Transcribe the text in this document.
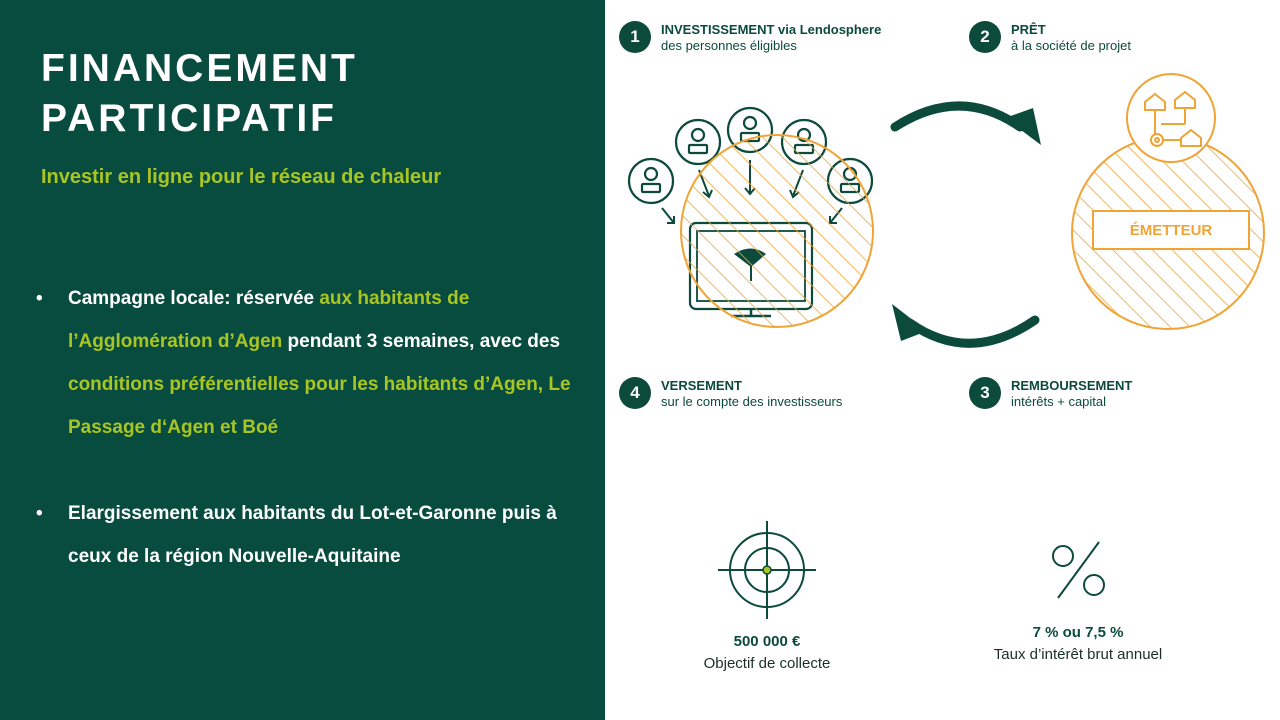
FINANCEMENT
PARTICIPATIF
Investir en ligne pour le réseau de chaleur
• Campagne locale: réservée aux habitants de l’Agglomération d’Agen pendant 3 semaines, avec des conditions préférentielles pour les habitants d’Agen, Le Passage d‘Agen et Boé
• Elargissement aux habitants du Lot-et-Garonne puis à ceux de la région Nouvelle-Aquitaine
ÉMETTEUR
1	INVESTISSEMENT via Lendosphere
des personnes éligibles	2	PRÊT
à la société de projet
3	REMBOURSEMENT
intérêts + capital
4	VERSEMENT
sur le compte des investisseurs
500 000 €
Objectif de collecte
7 % ou 7,5 %
Taux d’intérêt brut annuel
